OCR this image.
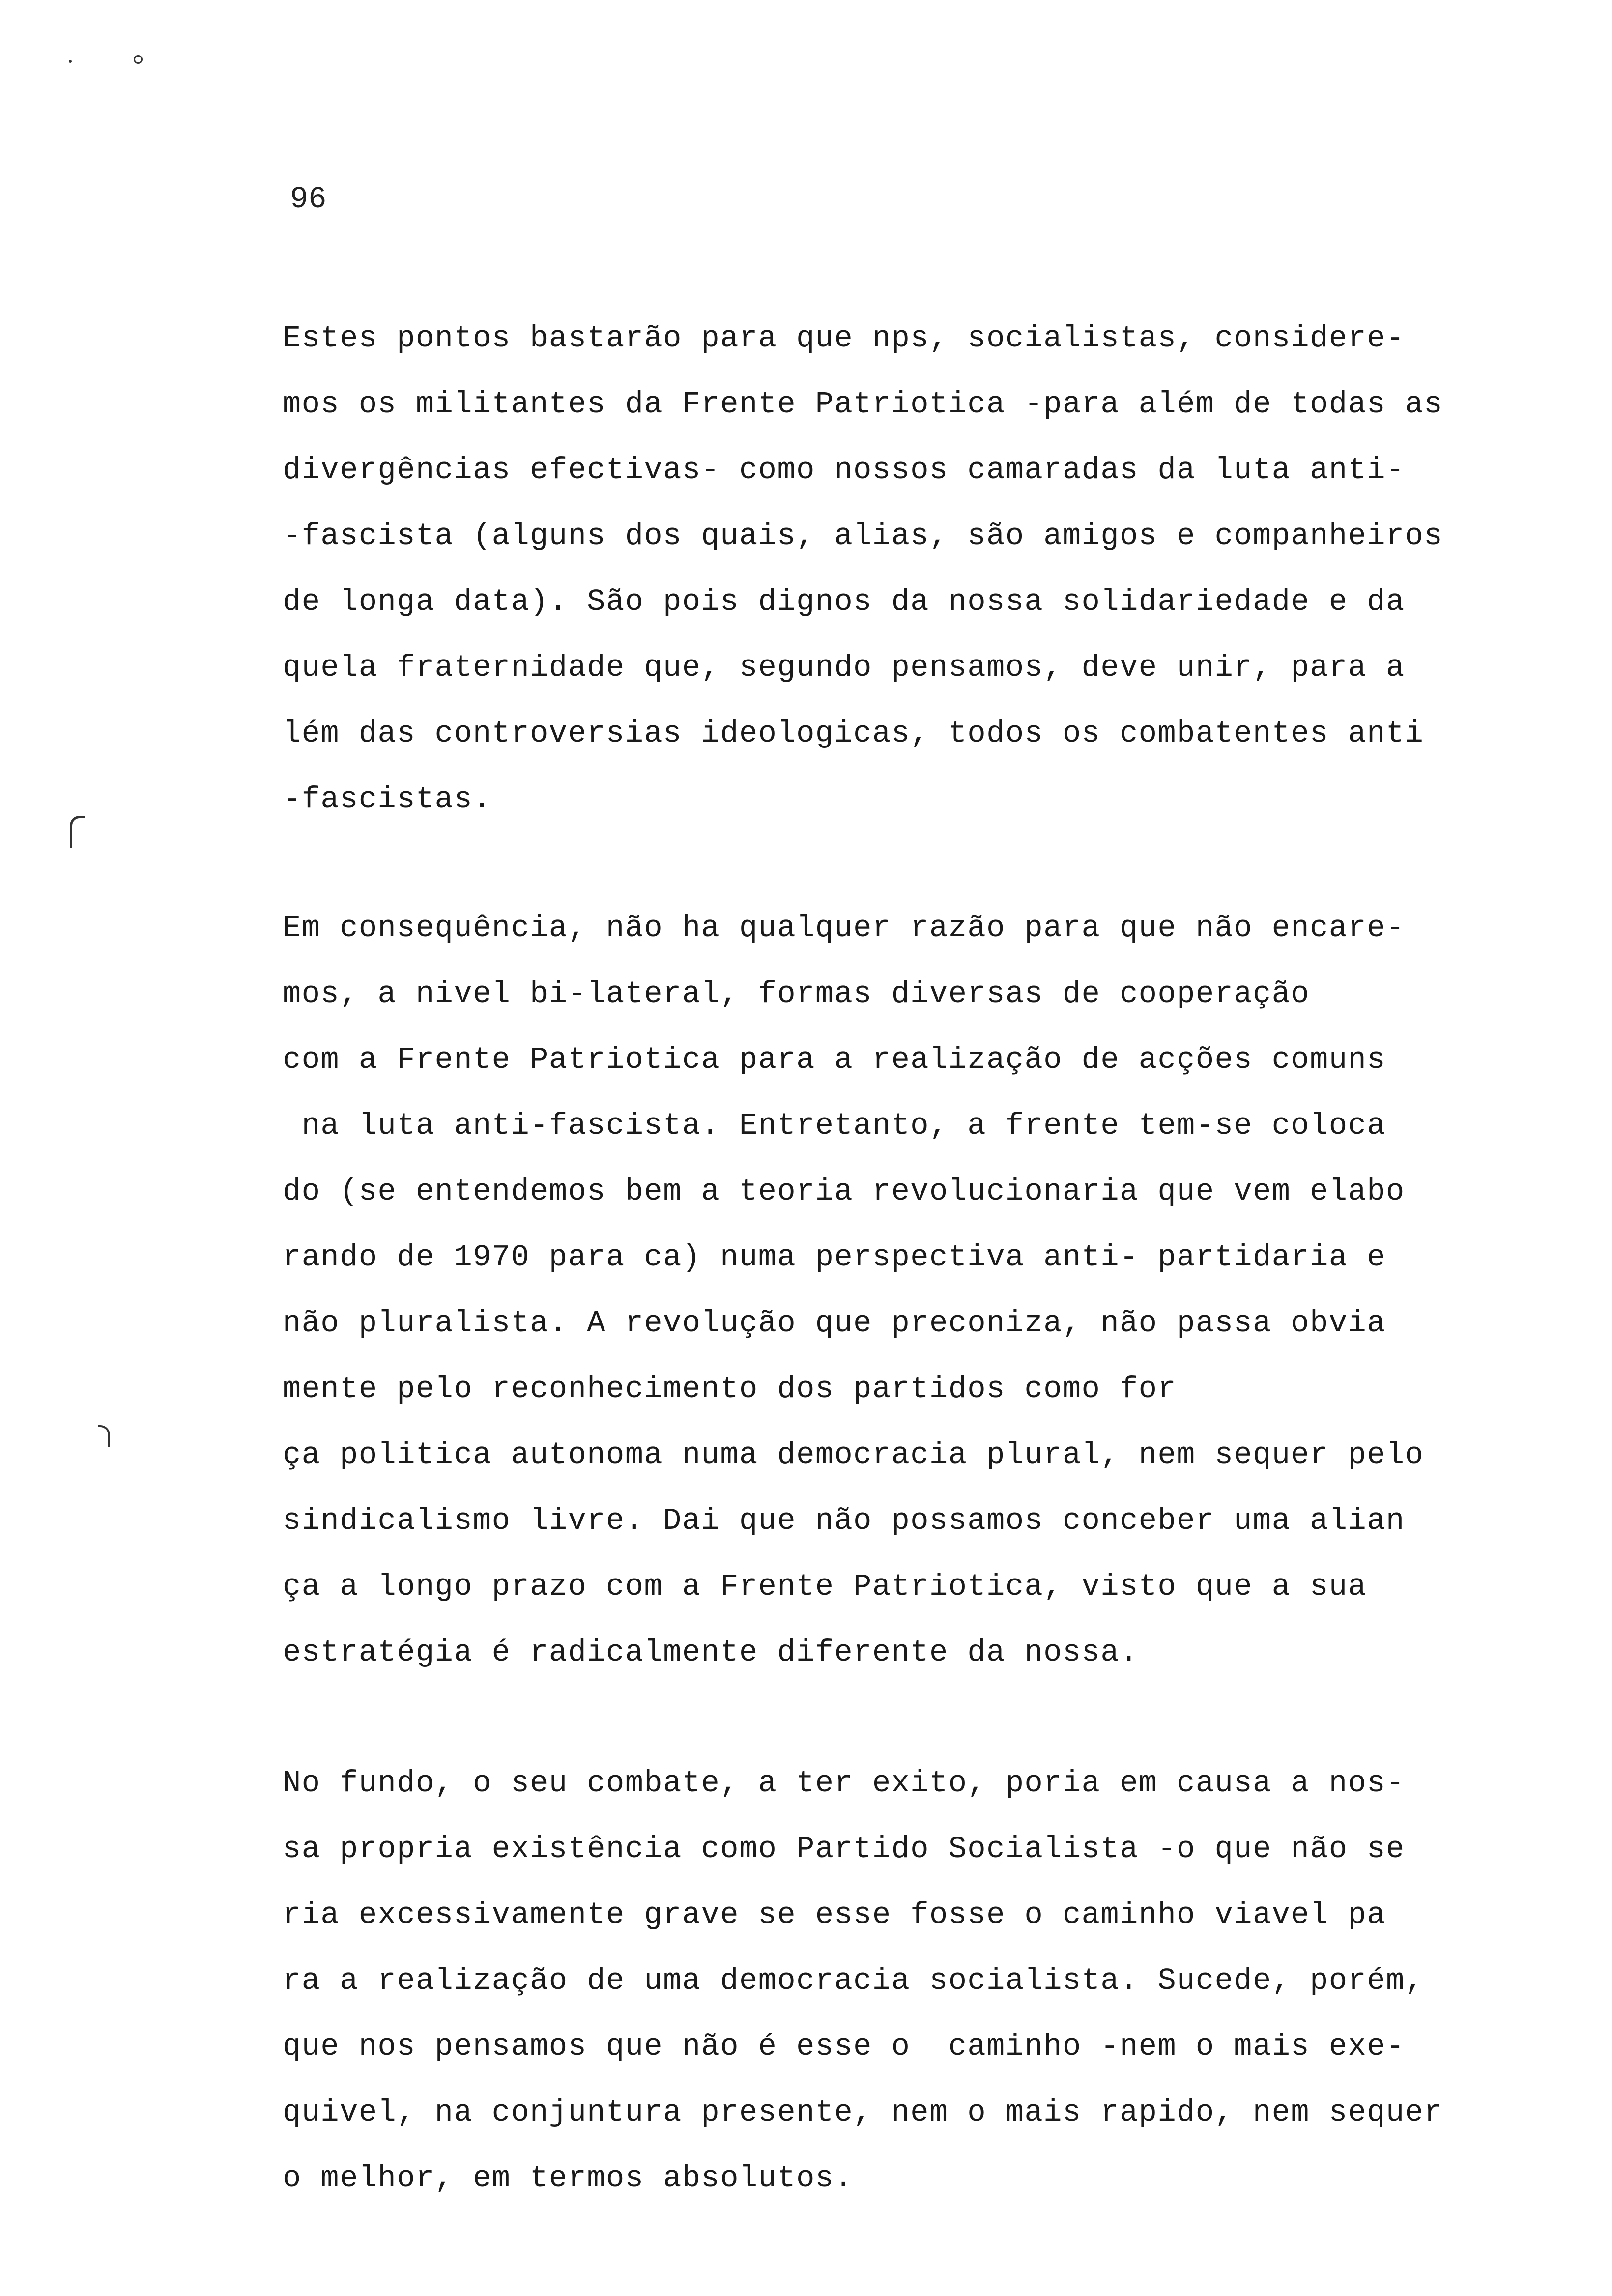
96

Estes pontos bastarão para que nps, socialistas, considere-
mos os militantes da Frente Patriotica -para além de todas as
divergências efectivas- como nossos camaradas da luta anti-
-fascista (alguns dos quais, alias, são amigos e companheiros
de longa data). São pois dignos da nossa solidariedade e da
quela fraternidade que, segundo pensamos, deve unir, para a
lém das controversias ideologicas, todos os combatentes anti
-fascistas.

Em consequência, não ha qualquer razão para que não encare-
mos, a nivel bi-lateral, formas diversas de cooperação
com a Frente Patriotica para a realização de acções comuns
na luta anti-fascista. Entretanto, a frente tem-se coloca
do (se entendemos bem a teoria revolucionaria que vem elabo
rando de 1970 para ca) numa perspectiva anti- partidaria e
não pluralista. A revolução que preconiza, não passa obvia
mente pelo reconhecimento dos partidos como for
ça politica autonoma numa democracia plural, nem sequer pelo
sindicalismo livre. Dai que não possamos conceber uma alian
ça a longo prazo com a Frente Patriotica, visto que a sua
estratégia é radicalmente diferente da nossa.

No fundo, o seu combate, a ter exito, poria em causa a nos-
sa propria existência como Partido Socialista -o que não se
ria excessivamente grave se esse fosse o caminho viavel pa
ra a realização de uma democracia socialista. Sucede, porém,
que nos pensamos que não é esse o  caminho -nem o mais exe-
quivel, na conjuntura presente, nem o mais rapido, nem sequer
o melhor, em termos absolutos.
